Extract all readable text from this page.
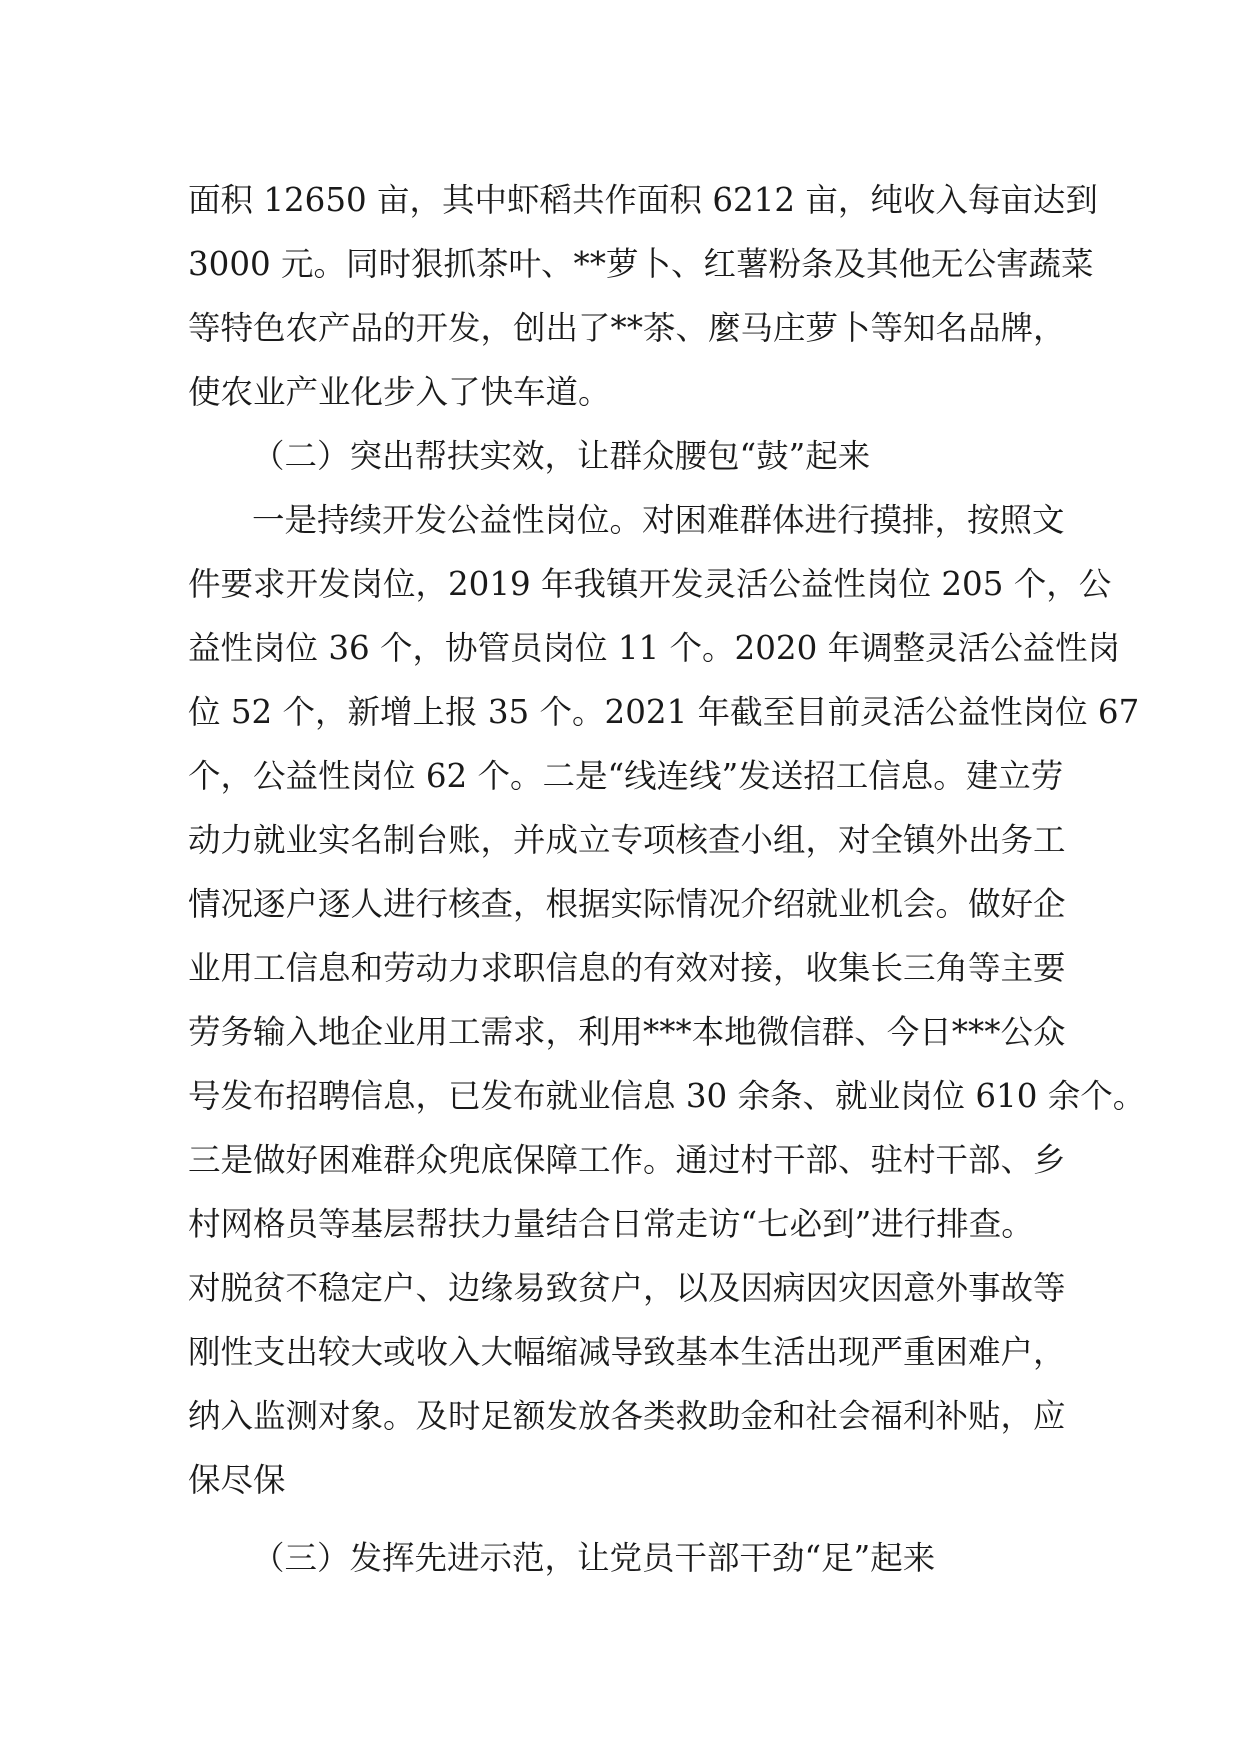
面积 12650 亩，其中虾稻共作面积 6212 亩，纯收入每亩达到
3000 元。同时狠抓茶叶、**萝卜、红薯粉条及其他无公害蔬菜
等特色农产品的开发，创出了**茶、麼马庄萝卜等知名品牌，
使农业产业化步入了快车道。
（二）突出帮扶实效，让群众腰包“鼓”起来
一是持续开发公益性岗位。对困难群体进行摸排，按照文
件要求开发岗位，2019 年我镇开发灵活公益性岗位 205 个，公
益性岗位 36 个，协管员岗位 11 个。2020 年调整灵活公益性岗
位 52 个，新增上报 35 个。2021 年截至目前灵活公益性岗位 67
个，公益性岗位 62 个。二是“线连线”发送招工信息。建立劳
动力就业实名制台账，并成立专项核查小组，对全镇外出务工
情况逐户逐人进行核查，根据实际情况介绍就业机会。做好企
业用工信息和劳动力求职信息的有效对接，收集长三角等主要
劳务输入地企业用工需求，利用***本地微信群、今日***公众
号发布招聘信息，已发布就业信息 30 余条、就业岗位 610 余个。
三是做好困难群众兜底保障工作。通过村干部、驻村干部、乡
村网格员等基层帮扶力量结合日常走访“七必到”进行排查。
对脱贫不稳定户、边缘易致贫户，以及因病因灾因意外事故等
刚性支出较大或收入大幅缩减导致基本生活出现严重困难户，
纳入监测对象。及时足额发放各类救助金和社会福利补贴，应
保尽保
（三）发挥先进示范，让党员干部干劲“足”起来
